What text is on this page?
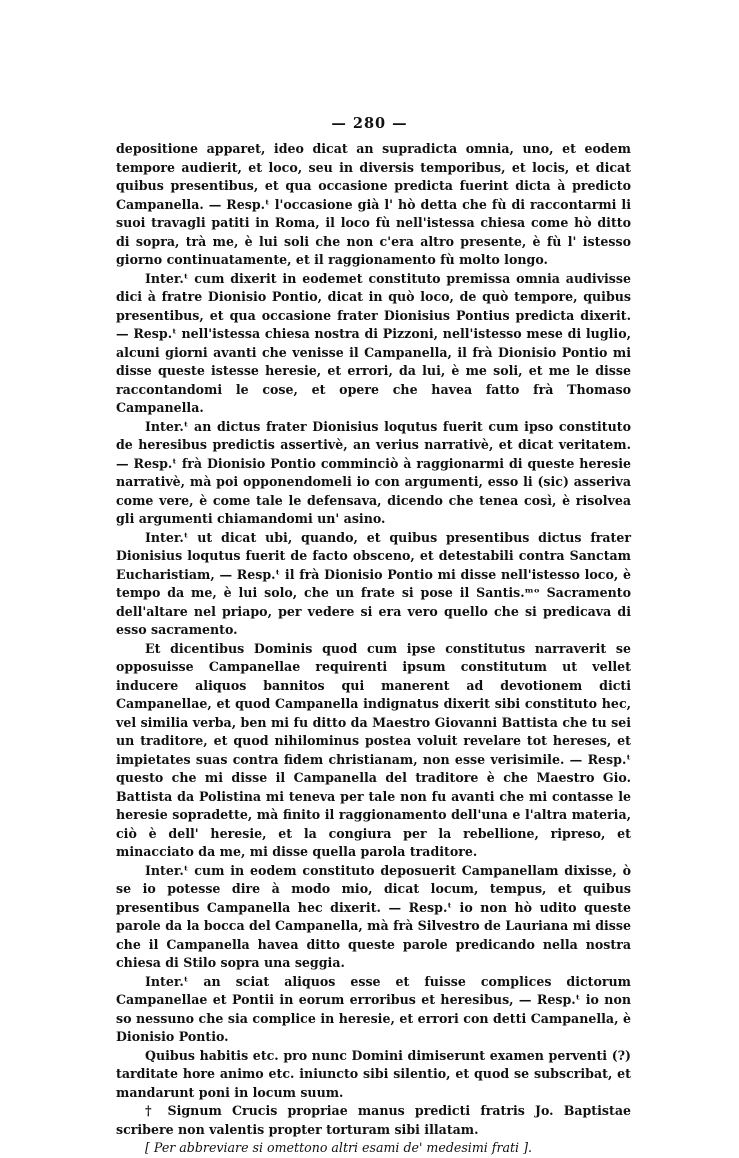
— 280 —

depositione apparet, ideo dicat an supradicta omnia, uno, et eodem tempore audierit, et loco, seu in diversis temporibus, et locis, et dicat quibus presentibus, et qua occasione predicta fuerint dicta à predicto Campanella. — Resp.ᵗ l'occasione già l' hò detta che fù di raccontarmi li suoi travagli patiti in Roma, il loco fù nell'istessa chiesa come hò ditto di sopra, trà me, è lui soli che non c'era altro presente, è fù l' istesso giorno continuatamente, et il raggionamento fù molto longo.

Inter.ᵗ cum dixerit in eodemet constituto premissa omnia audivisse dici à fratre Dionisio Pontio, dicat in quò loco, de quò tempore, quibus presentibus, et qua occasione frater Dionisius Pontius predicta dixerit. — Resp.ᵗ nell'istessa chiesa nostra di Pizzoni, nell'istesso mese di luglio, alcuni giorni avanti che venisse il Campanella, il frà Dionisio Pontio mi disse queste istesse heresie, et errori, da lui, è me soli, et me le disse raccontandomi le cose, et opere che havea fatto frà Thomaso Campanella.

Inter.ᵗ an dictus frater Dionisius loqutus fuerit cum ipso constituto de heresibus predictis assertivè, an verius narrativè, et dicat veritatem. — Resp.ᵗ frà Dionisio Pontio comminciò à raggionarmi di queste heresie narrativè, mà poi opponendomeli io con argumenti, esso li (sic) asseriva come vere, è come tale le defensava, dicendo che tenea così, è risolvea gli argumenti chiamandomi un' asino.

Inter.ᵗ ut dicat ubi, quando, et quibus presentibus dictus frater Dionisius loqutus fuerit de facto obsceno, et detestabili contra Sanctam Eucharistiam, — Resp.ᵗ il frà Dionisio Pontio mi disse nell'istesso loco, è tempo da me, è lui solo, che un frate si pose il Santis.ᵐᵒ Sacramento dell'altare nel priapo, per vedere si era vero quello che si predicava di esso sacramento.

Et dicentibus Dominis quod cum ipse constitutus narraverit se opposuisse Campanellae requirenti ipsum constitutum ut vellet inducere aliquos bannitos qui manerent ad devotionem dicti Campanellae, et quod Campanella indignatus dixerit sibi constituto hec, vel similia verba, ben mi fu ditto da Maestro Giovanni Battista che tu sei un traditore, et quod nihilominus postea voluit revelare tot hereses, et impietates suas contra fidem christianam, non esse verisimile. — Resp.ᵗ questo che mi disse il Campanella del traditore è che Maestro Gio. Battista da Polistina mi teneva per tale non fu avanti che mi contasse le heresie sopradette, mà finito il raggionamento dell'una e l'altra materia, ciò è dell' heresie, et la congiura per la rebellione, ripreso, et minacciato da me, mi disse quella parola traditore.

Inter.ᵗ cum in eodem constituto deposuerit Campanellam dixisse, ò se io potesse dire à modo mio, dicat locum, tempus, et quibus presentibus Campanella hec dixerit. — Resp.ᵗ io non hò udito queste parole da la bocca del Campanella, mà frà Silvestro de Lauriana mi disse che il Campanella havea ditto queste parole predicando nella nostra chiesa di Stilo sopra una seggia.

Inter.ᵗ an sciat aliquos esse et fuisse complices dictorum Campanellae et Pontii in eorum erroribus et heresibus, — Resp.ᵗ io non so nessuno che sia complice in heresie, et errori con detti Campanella, è Dionisio Pontio.

Quibus habitis etc. pro nunc Domini dimiserunt examen perventi (?) tarditate hore animo etc. iniuncto sibi silentio, et quod se subscribat, et mandarunt poni in locum suum.

† Signum Crucis propriae manus predicti fratris Jo. Baptistae scribere non valentis propter torturam sibi illatam.

[ Per abbreviare si omettono altri esami de' medesimi frati ].
